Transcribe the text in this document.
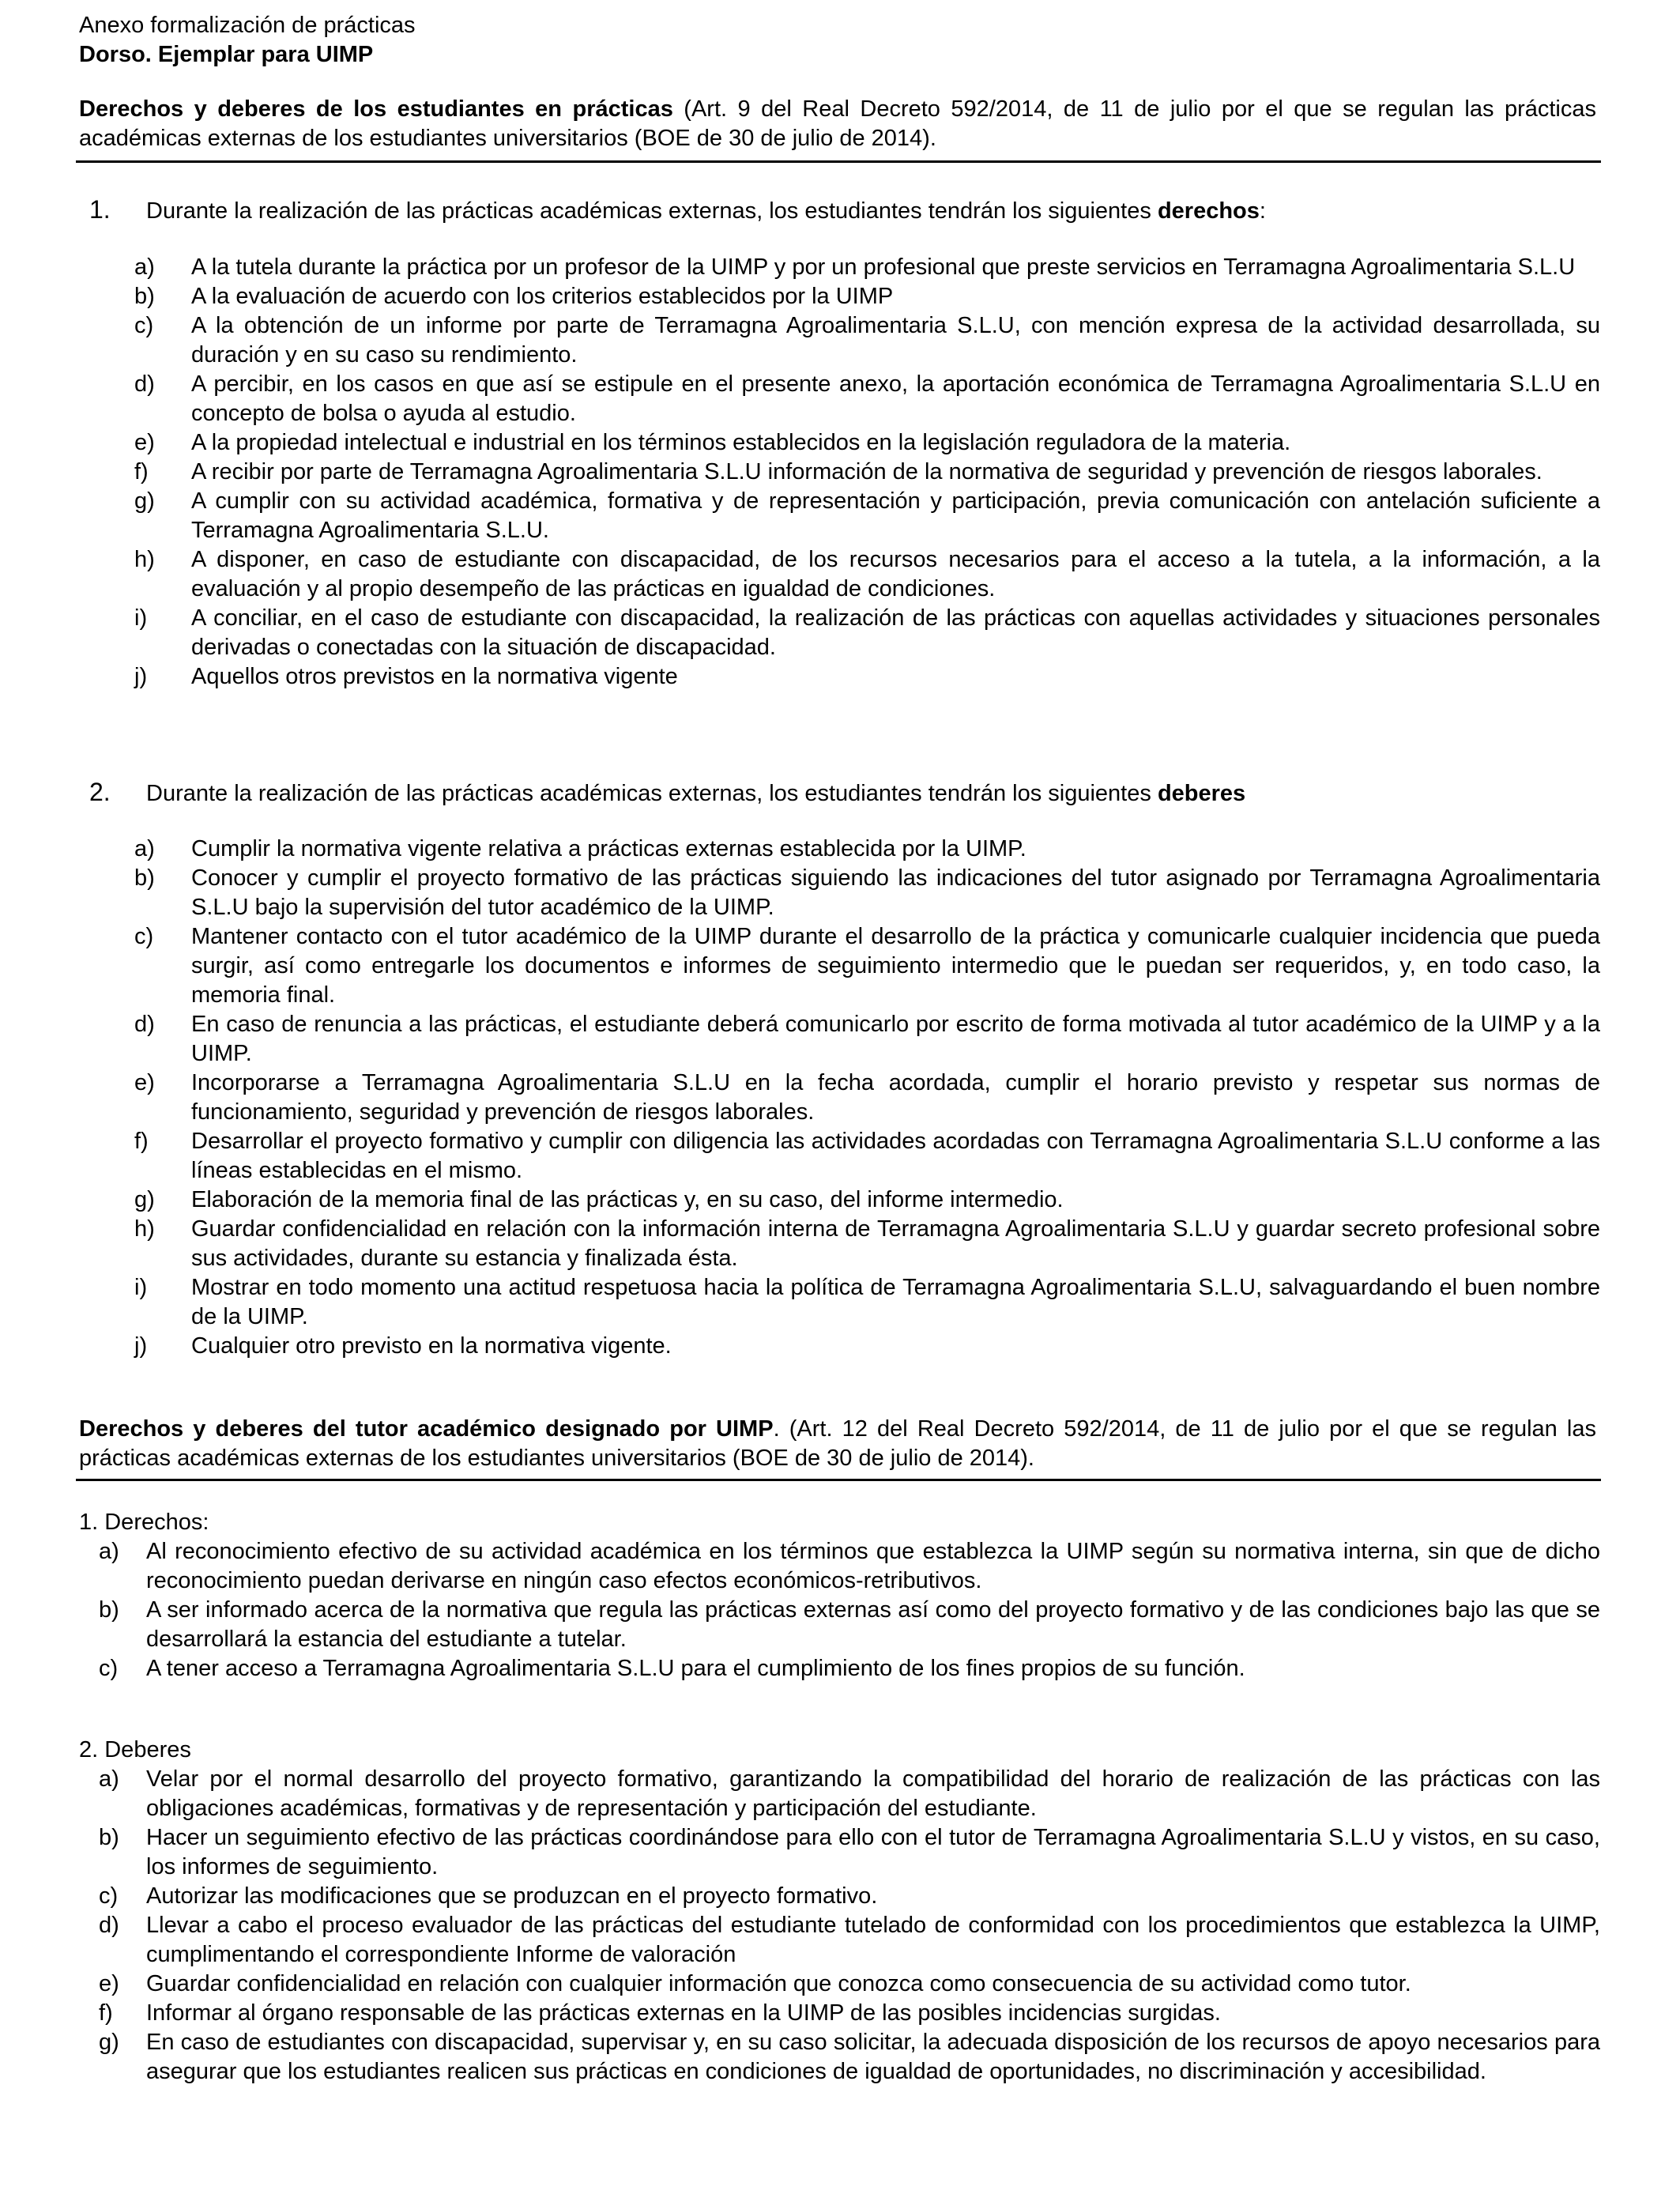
Anexo formalización de prácticas
Dorso. Ejemplar para UIMP
Derechos y deberes de los estudiantes en prácticas (Art. 9 del Real Decreto 592/2014, de 11 de julio por el que se regulan las prácticas académicas externas de los estudiantes universitarios (BOE de 30 de julio de 2014).
1. Durante la realización de las prácticas académicas externas, los estudiantes tendrán los siguientes derechos:
a) A la tutela durante la práctica por un profesor de la UIMP y por un profesional que preste servicios en Terramagna Agroalimentaria S.L.U
b) A la evaluación de acuerdo con los criterios establecidos por la UIMP
c) A la obtención de un informe por parte de Terramagna Agroalimentaria S.L.U, con mención expresa de la actividad desarrollada, su duración y en su caso su rendimiento.
d) A percibir, en los casos en que así se estipule en el presente anexo, la aportación económica de Terramagna Agroalimentaria S.L.U en concepto de bolsa o ayuda al estudio.
e) A la propiedad intelectual e industrial en los términos establecidos en la legislación reguladora de la materia.
f) A recibir por parte de Terramagna Agroalimentaria S.L.U información de la normativa de seguridad y prevención de riesgos laborales.
g) A cumplir con su actividad académica, formativa y de representación y participación, previa comunicación con antelación suficiente a Terramagna Agroalimentaria S.L.U.
h) A disponer, en caso de estudiante con discapacidad, de los recursos necesarios para el acceso a la tutela, a la información, a la evaluación y al propio desempeño de las prácticas en igualdad de condiciones.
i) A conciliar, en el caso de estudiante con discapacidad, la realización de las prácticas con aquellas actividades y situaciones personales derivadas o conectadas con la situación de discapacidad.
j) Aquellos otros previstos en la normativa vigente
2. Durante la realización de las prácticas académicas externas, los estudiantes tendrán los siguientes deberes
a) Cumplir la normativa vigente relativa a prácticas externas establecida por la UIMP.
b) Conocer y cumplir el proyecto formativo de las prácticas siguiendo las indicaciones del tutor asignado por Terramagna Agroalimentaria S.L.U bajo la supervisión del tutor académico de la UIMP.
c) Mantener contacto con el tutor académico de la UIMP durante el desarrollo de la práctica y comunicarle cualquier incidencia que pueda surgir, así como entregarle los documentos e informes de seguimiento intermedio que le puedan ser requeridos, y, en todo caso, la memoria final.
d) En caso de renuncia a las prácticas, el estudiante deberá comunicarlo por escrito de forma motivada al tutor académico de la UIMP y a la UIMP.
e) Incorporarse a Terramagna Agroalimentaria S.L.U en la fecha acordada, cumplir el horario previsto y respetar sus normas de funcionamiento, seguridad y prevención de riesgos laborales.
f) Desarrollar el proyecto formativo y cumplir con diligencia las actividades acordadas con Terramagna Agroalimentaria S.L.U conforme a las líneas establecidas en el mismo.
g) Elaboración de la memoria final de las prácticas y, en su caso, del informe intermedio.
h) Guardar confidencialidad en relación con la información interna de Terramagna Agroalimentaria S.L.U y guardar secreto profesional sobre sus actividades, durante su estancia y finalizada ésta.
i) Mostrar en todo momento una actitud respetuosa hacia la política de Terramagna Agroalimentaria S.L.U, salvaguardando el buen nombre de la UIMP.
j) Cualquier otro previsto en la normativa vigente.
Derechos y deberes del tutor académico designado por UIMP. (Art. 12 del Real Decreto 592/2014, de 11 de julio por el que se regulan las prácticas académicas externas de los estudiantes universitarios (BOE de 30 de julio de 2014).
1. Derechos:
a) Al reconocimiento efectivo de su actividad académica en los términos que establezca la UIMP según su normativa interna, sin que de dicho reconocimiento puedan derivarse en ningún caso efectos económicos-retributivos.
b) A ser informado acerca de la normativa que regula las prácticas externas así como del proyecto formativo y de las condiciones bajo las que se desarrollará la estancia del estudiante a tutelar.
c) A tener acceso a Terramagna Agroalimentaria S.L.U para el cumplimiento de los fines propios de su función.
2. Deberes
a) Velar por el normal desarrollo del proyecto formativo, garantizando la compatibilidad del horario de realización de las prácticas con las obligaciones académicas, formativas y de representación y participación del estudiante.
b) Hacer un seguimiento efectivo de las prácticas coordinándose para ello con el tutor de Terramagna Agroalimentaria S.L.U y vistos, en su caso, los informes de seguimiento.
c) Autorizar las modificaciones que se produzcan en el proyecto formativo.
d) Llevar a cabo el proceso evaluador de las prácticas del estudiante tutelado de conformidad con los procedimientos que establezca la UIMP, cumplimentando el correspondiente Informe de valoración
e) Guardar confidencialidad en relación con cualquier información que conozca como consecuencia de su actividad como tutor.
f) Informar al órgano responsable de las prácticas externas en la UIMP de las posibles incidencias surgidas.
g) En caso de estudiantes con discapacidad, supervisar y, en su caso solicitar, la adecuada disposición de los recursos de apoyo necesarios para asegurar que los estudiantes realicen sus prácticas en condiciones de igualdad de oportunidades, no discriminación y accesibilidad.
